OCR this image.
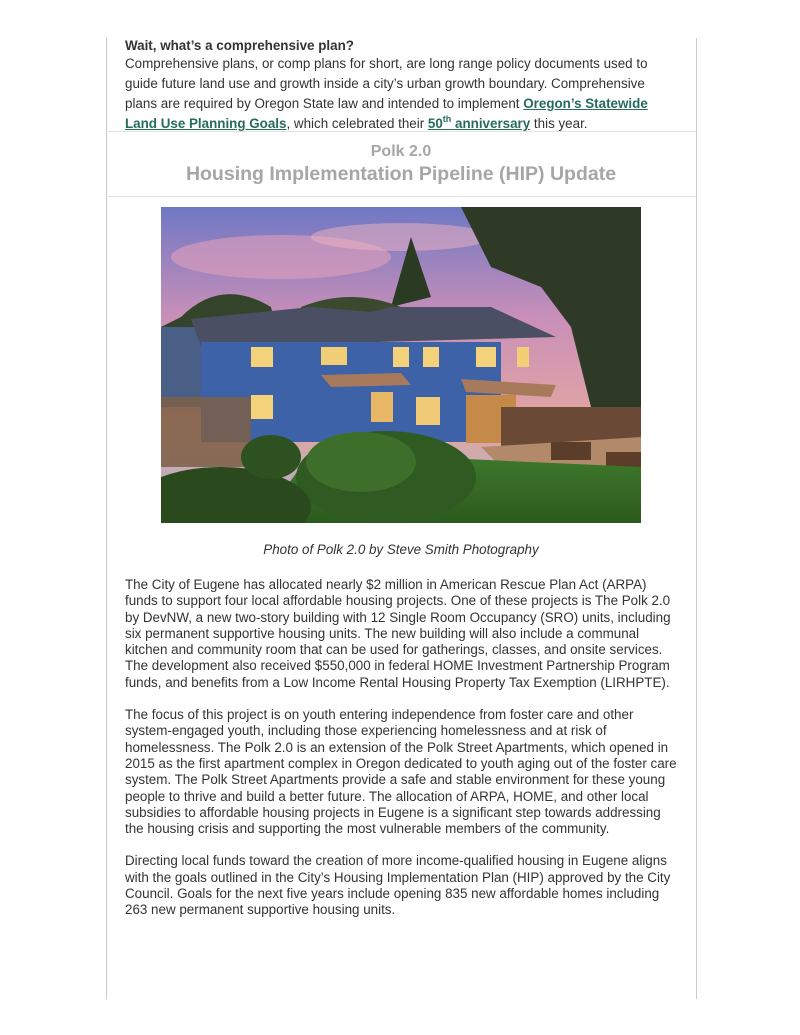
Wait, what’s a comprehensive plan?

Comprehensive plans, or comp plans for short, are long range policy documents used to guide future land use and growth inside a city’s urban growth boundary. Comprehensive plans are required by Oregon State law and intended to implement Oregon’s Statewide Land Use Planning Goals, which celebrated their 50th anniversary this year.

Polk 2.0
Housing Implementation Pipeline (HIP) Update
Photo of Polk 2.0 by Steve Smith Photography

The City of Eugene has allocated nearly $2 million in American Rescue Plan Act (ARPA) funds to support four local affordable housing projects. One of these projects is The Polk 2.0 by DevNW, a new two-story building with 12 Single Room Occupancy (SRO) units, including six permanent supportive housing units. The new building will also include a communal kitchen and community room that can be used for gatherings, classes, and onsite services. The development also received $550,000 in federal HOME Investment Partnership Program funds, and benefits from a Low Income Rental Housing Property Tax Exemption (LIRHPTE).

The focus of this project is on youth entering independence from foster care and other system-engaged youth, including those experiencing homelessness and at risk of homelessness. The Polk 2.0 is an extension of the Polk Street Apartments, which opened in 2015 as the first apartment complex in Oregon dedicated to youth aging out of the foster care system. The Polk Street Apartments provide a safe and stable environment for these young people to thrive and build a better future. The allocation of ARPA, HOME, and other local subsidies to affordable housing projects in Eugene is a significant step towards addressing the housing crisis and supporting the most vulnerable members of the community.

Directing local funds toward the creation of more income-qualified housing in Eugene aligns with the goals outlined in the City’s Housing Implementation Plan (HIP) approved by the City Council. Goals for the next five years include opening 835 new affordable homes including 263 new permanent supportive housing units.
